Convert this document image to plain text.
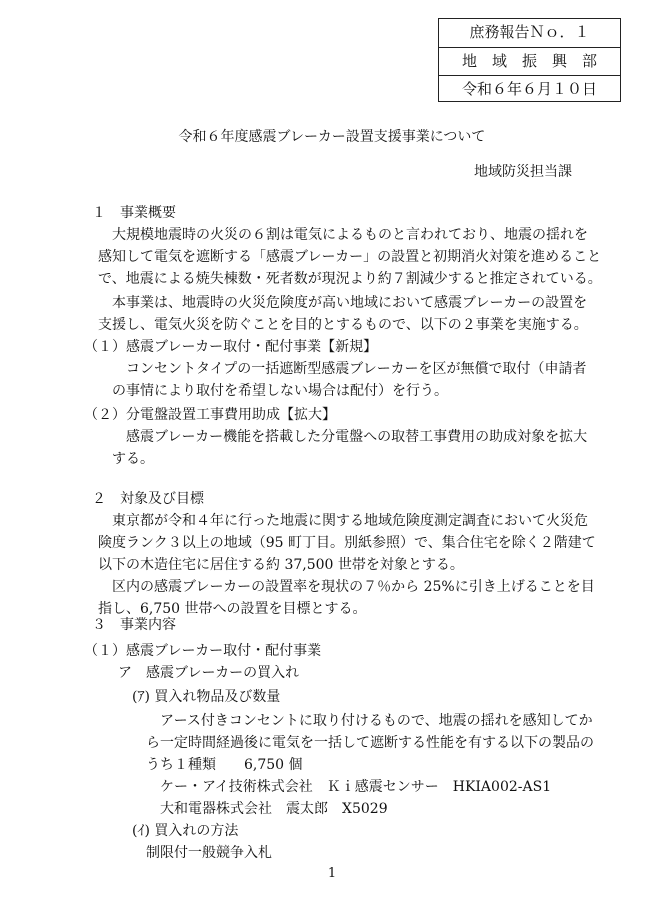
庶務報告Ｎｏ．１
地　域　振　興　部
令和６年６月１０日
令和６年度感震ブレーカー設置支援事業について
地域防災担当課
１　事業概要
大規模地震時の火災の６割は電気によるものと言われており、地震の揺れを
感知して電気を遮断する「感震ブレーカー」の設置と初期消火対策を進めること
で、地震による焼失棟数・死者数が現況より約７割減少すると推定されている。
本事業は、地震時の火災危険度が高い地域において感震ブレーカーの設置を
支援し、電気火災を防ぐことを目的とするもので、以下の２事業を実施する。
（１）感震ブレーカー取付・配付事業【新規】
コンセントタイプの一括遮断型感震ブレーカーを区が無償で取付（申請者
の事情により取付を希望しない場合は配付）を行う。
（２）分電盤設置工事費用助成【拡大】
感震ブレーカー機能を搭載した分電盤への取替工事費用の助成対象を拡大
する。
２　対象及び目標
東京都が令和４年に行った地震に関する地域危険度測定調査において火災危
険度ランク３以上の地域（95 町丁目。別紙参照）で、集合住宅を除く２階建て
以下の木造住宅に居住する約 37,500 世帯を対象とする。
区内の感震ブレーカーの設置率を現状の７％から 25%に引き上げることを目
指し、6,750 世帯への設置を目標とする。
３　事業内容
（１）感震ブレーカー取付・配付事業
ア　感震ブレーカーの買入れ
(ｱ) 買入れ物品及び数量
アース付きコンセントに取り付けるもので、地震の揺れを感知してか
ら一定時間経過後に電気を一括して遮断する性能を有する以下の製品の
うち１種類　　6,750 個
ケー・アイ技術株式会社　Ｋｉ感震センサー　HKIA002-AS1
大和電器株式会社　震太郎　X5029
(ｲ) 買入れの方法
1
制限付一般競争入札
